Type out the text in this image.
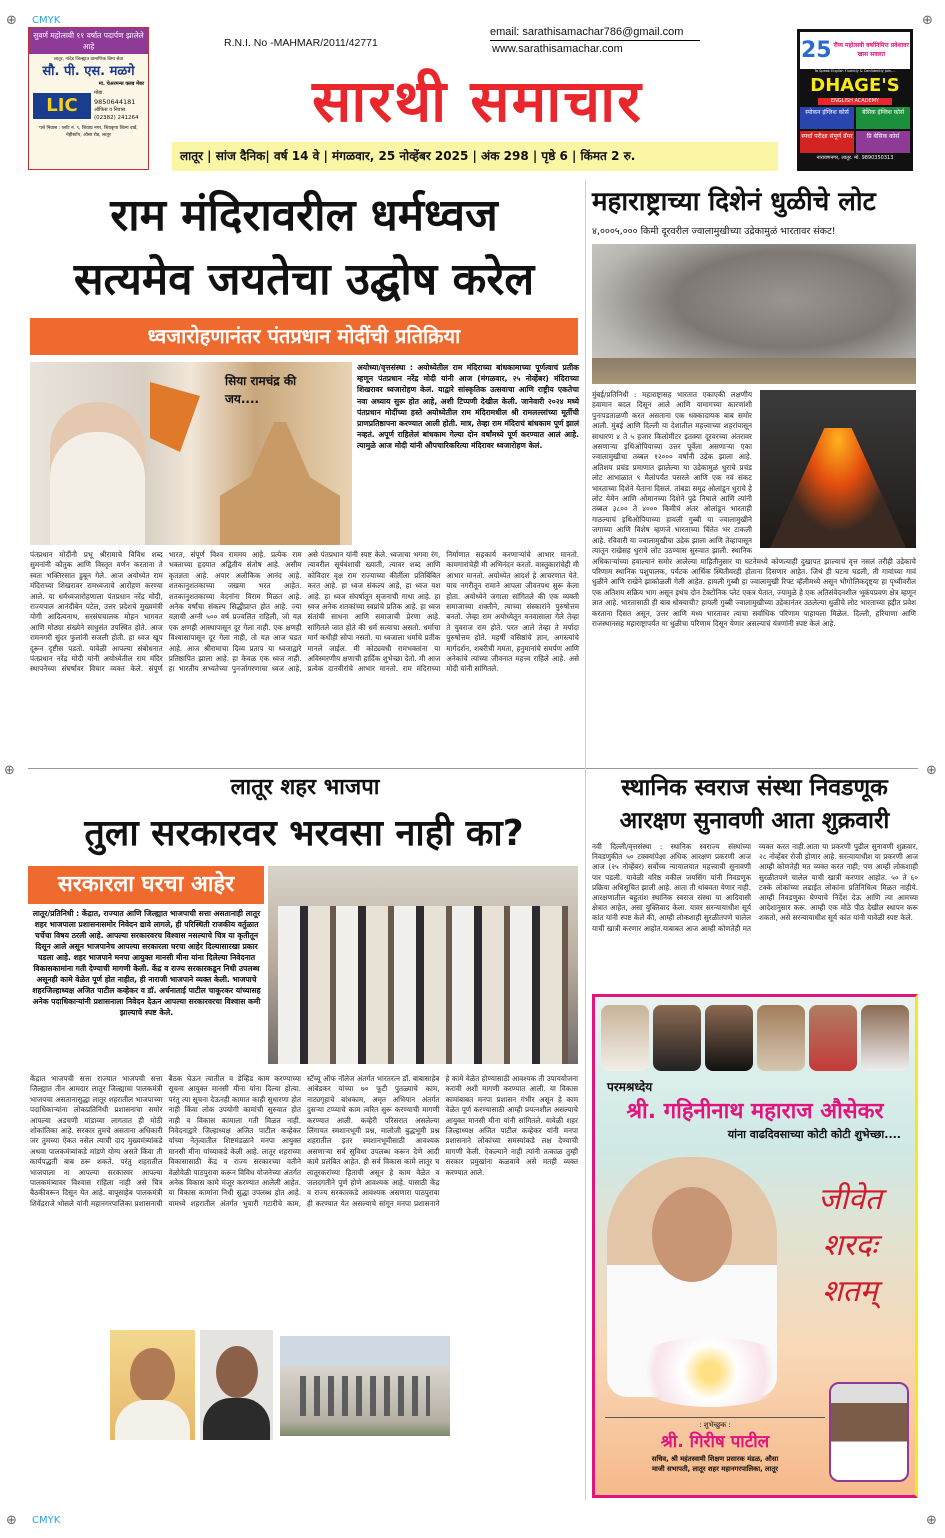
⊕ CMYK	⊕
⊕	⊕
⊕ CMYK	⊕
सुवर्ण महोत्सवी ११ वर्षात पदार्पण झालेले आहे
लातूर, नांदेड जिल्ह्यात प्रामाणिक विमा सेवा
सौ. पी. एस. मळगे
मा. चेअरमन्स क्लब मेंबर
LIC
मोबा.
9850644181
ऑफिस व निवास
(02382) 241264
पत्ते निवास : प्लॉट नं. ९, शिवाप्र नगर, शिवकृपा शिल्प वार्ड, नेहीस्टॉप, औसा रोड, लातूर
R.N.I. No -MAHMAR/2011/42771
email: sarathisamachar786@gmail.com
www.sarathisamachar.com
सारथी समाचार
लातूर | सांज दैनिक| वर्ष 14 वे | मंगळवार, 25 नोव्हेंबर 2025 | अंक 298 | पृष्ठे 6 | किंमत 2 रु.
25 रौप्य महोत्सवी वर्षानिमित्त प्रवेशावर खास सवलत
To Speak English Fluently & Confidently Join....
DHAGE'S
ENGLISH ACADEMY
स्पोकन इंग्लिश कोर्स	बेसिक इंग्लिश कोर्स
स्पर्धा परीक्षा संपूर्ण ग्रॅमर	प्रि बेसिक कोर्स
नारायणनगर, लातूर. मो. 9890350313
राम मंदिरावरील धर्मध्वज
सत्यमेव जयतेचा उद्घोष करेल
ध्वजारोहणानंतर पंतप्रधान मोदींची प्रतिक्रिया
सिया रामचंद्र की जय....
अयोध्या/वृत्तसंस्था : अयोध्येतील राम मंदिराच्या बांधकामाच्या पूर्णत्वाचं प्रतीक म्हणून पंतप्रधान नरेंद्र मोदी यांनी आज (मंगळवार, २५ नोव्हेंबर) मंदिराच्या शिखरावर ध्वजारोहण केलं. याद्वारे सांस्कृतिक उत्सवाचा आणि राष्ट्रीय एकतेचा नवा अध्याय सुरू होत आहे, अशी टिप्पणी देखील केली. जानेवारी २०२४ मध्ये पंतप्रधान मोदींच्या हस्ते अयोध्येतील राम मंदिरामधील श्री रामलल्लांच्या मूर्तीची प्राणप्रतिष्ठापना करण्यात आली होती. मात्र, तेव्हा राम मंदिराचं बांधकाम पूर्ण झालं नव्हतं. अपूर्ण राहिलेलं बांधकाम गेल्या दोन वर्षांमध्ये पूर्ण करण्यात आलं आहे. त्यामुळे आज मोदी यांनी औपचारिकरित्या मंदिरावर ध्वजारोहण केलं.
पंतप्रधान मोदींनी प्रभू श्रीरामाचे विविध शब्द सुमनांनी कौतुक आणि विस्तृत वर्णन करताना ते स्वतः भक्तिरसात डुबून गेले. आज अयोध्येत राम मंदिराच्या शिखरावर रामध्वजाचे आरोहण करण्या आले. या धर्मध्वजारोहणाला पंतप्रधान नरेंद्र मोदी, राज्यपाल आनंदीबेन पटेल, उत्तर प्रदेशचे मुख्यमंत्री योगी आदित्यनाथ, सरसंघचालक मोहन भागवत आणि मोठ्या संख्येने साधुसंत उपस्थित होते. आज रामनगरी सुंदर फुलांनी सजली होती. हा ध्वज खूप दूरून दृष्टीस पडतो. यावेळी आपल्या संबोधनात पंतप्रधान नरेंद्र मोदी यांनी अयोध्येतील राम मंदिर स्थापनेच्या संघर्षावर विचार व्यक्त केले. संपूर्ण भारत, संपूर्ण विश्व राममय आहे. प्रत्येक राम भक्ताच्या हृदयात अद्वितीय संतोष आहे. असीम कृतज्ञता आहे. अपार अलौकिक आनंद आहे. शतकानुशतकाच्या जखमा भरत आहेत. शतकानुशतकाच्या वेदनांना विराम मिळत आहे. अनेक वर्षांचा संकल्प सिद्धीप्राप्त होत आहे. ज्या यज्ञाची अग्नी ५०० वर्ष प्रज्वलित राहिली, जो यज्ञ एक क्षणही आस्थापासून दूर गेला नाही. एक क्षणही विश्वासापासून दूर गेला नाही, तो यज्ञ आज घडत आहे. आज श्रीरामाचा दिव्य प्रताप या ध्वजाद्वारे प्रतिष्ठापित झाला आहे. हा केवळ एक ध्वज नाही. हा भारतीय सभ्यतेच्या पुनर्जागरणाचा ध्वज आहे, असे पंतप्रधान यांनी स्पष्ट केले. ध्वजाचा भगवा रंग, त्यावरील सूर्यवंशाची ख्याती, त्यावर शब्द आणि कोविदार वृक्ष राम राज्याच्या कीर्तीला प्रतिबिंबित करत आहे. हा ध्वज संकल्प आहे, हा ध्वज यश आहे. हा ध्वज संघर्षातून सृजनाची गाथा आहे. हा ध्वज अनेक शतकांच्या स्वप्नांचे प्रतिक आहे. हा ध्वज संतांची साधना आणि समाजाची प्रेरणा आहे. सांगितले जात होते की धर्म सत्याचा असतो. धर्माचा मार्ग कधीही सोपा नसतो. या ध्वजाला धर्माचे प्रतीक मानले जाईल. मी कोट्यवधी रामभक्तांना या अविस्मरणीय क्षणाची हार्दिक शुभेच्छा देतो. मी आज प्रत्येक दानवीरांचे आभार मानतो. राम मंदिराच्या निर्माणात सहकार्य करणाऱ्यांचे आभार मानतो. कामगारांचेही मी अभिनंदन करतो. वास्तुकारांचेही मी आभार मानतो. अयोध्येत आदर्श हे आचरणात येते. याच नगरीतून रामाने आपला जीवनपथ सुरू केला होता. अयोध्येने जगाला सांगितले की एक व्यक्ती समाजाच्या शक्तीने, त्याच्या संस्कारांने पुरुषोत्तम बनतो. जेव्हा राम अयोध्येतून वनवासाला गेले तेव्हा ते युवराज राम होते. परत आले तेव्हा ते मर्यादा पुरुषोत्तम होते. महर्षी वसिष्ठांचे ज्ञान, अगस्त्यांचे मार्गदर्शन, शबरीची ममता, हनुमानांचे समर्पण आणि अनेकांचे त्यांच्या जीवनात महत्त्व राहिले आहे. असे मोदी यांनी सांगितले.
महाराष्ट्राच्या दिशेनं धुळीचे लोट
४,०००५,००० किमी दूरवरील ज्वालामुखीच्या उद्रेकामुळं भारतावर संकट!
मुंबई/प्रतिनिधी : महाराष्ट्रासह भारतात एकाएकी लक्षणीय हवामान बदल दिसून आले आणि यामागच्या कारणांशी पुनःपडताळणी करत असताना एक धक्कादायक बाब समोर आली. मुंबई आणि दिल्ली या देशातील महत्त्वाच्या शहरांपासून साधारण ४ ते ५ हजार किलोमीटर इतक्या दूरवरच्या अंतरावर असणाऱ्या इथिओपियाच्या उत्तर पूर्वेला असणाऱ्या एका ज्वालामुखीचा तब्बल १२००० वर्षांनी उद्रेक झाला आहे. अतिशय प्रचंड प्रमाणात झालेल्या या उद्रेकामुळं धुराचे प्रचंड लोट आभाळात ९ मैलांपर्यंत पसरले आणि एक नवं संकट भारताच्या दिशेने येताना दिसलं. तांबडा समुद्र ओलांडून धुराचे हे लोट येमेन आणि ओमानच्या दिशेने पुढे निघाले आणि त्यांनी तब्बल ३८०० ते ४००० किमीचं अंतर ओलांडून भारताही गाठल्याचं इथिओपियाच्या हायली गुब्बी या ज्वालामुखीने जगाच्या आणि विशेष म्हणजे भारताच्या चिंतेत भर टाकली आहे. रविवारी या ज्वालामुखीचा उद्रेक झाला आणि तेव्हापासून त्यातून राखेसह धुराचे लोट उठण्यास सुरुवात झाली. स्थानिक अधिकाऱ्यांच्या हवाल्यानं समोर आलेल्या माहितीनुसार या घटनेमध्ये कोणत्याही दुखापत झाल्याचं वृत्त नसलं तरीही उद्रेकाचे परिणाम स्थानिक पशुपालक, पर्यटक आर्थिक स्थितीवरही होताना दिसणार आहेत. जिथं ही घटना घडली, ती गावांच्या गावं धुळीने आणि राखेने झाकोळली गेली आहेत. हायली गुब्बी हा ज्वालामुखी रिफ्ट व्हॅलीमध्ये असून भौगोलिकदृष्ट्या हा पृथ्वीवरील एक अतिशय सक्रिय भाग असून इथंच दोन टेक्टोनिक प्लेट एकत्र येतात, ज्यामुळे हे एक अतिसंवेदनशील भूकंपप्रवण क्षेत्र म्हणून ज्ञात आहे. भारतासाठी ही बाब धोक्याची? हायली गुब्बी ज्वालामुखीच्या उद्रेकानंतर उठलेल्या धुळीचे लोट भारताच्या हद्दीत प्रवेश करताना दिसत असून, उत्तर आणि मध्य भारतावर त्याचा सर्वाधिक परिणाम पाहायला मिळेल. दिल्ली, हरियाणा आणि राजस्थानसह महाराष्ट्रापर्यंत या धुळीचा परिणाम दिसून येणार असल्याचं यंत्रणांनी स्पष्ट केलं आहे.
लातूर शहर भाजपा
तुला सरकारवर भरवसा नाही का?
सरकारला घरचा आहेर
लातूर/प्रतिनिधी : केंद्रात, राज्यात आणि जिल्ह्यात भाजपाची सत्ता असतानाही लातूर शहर भाजपाला प्रशासनासमोर निवेदन द्यावे लागले, ही परिस्थिती राजकीय वर्तुळात चर्चेचा विषय ठरली आहे. आपल्या सरकारवरच विश्वास नसल्याचे चित्र या कृतीतून दिसून आले असून भाजपानेच आपल्या सरकारला घरचा आहेर दिल्यासारखा प्रकार घडला आहे. शहर भाजपाने मनपा आयुक्त मानसी मीना यांना दिलेल्या निवेदनात विकासकामांना गती देण्याची मागणी केली. केंद्र व राज्य सरकारकडून निधी उपलब्ध असूनही कामे वेळेत पूर्ण होत नाहीत, ही नाराजी भाजपाने व्यक्त केली. भाजपाचे शहरजिल्हाध्यक्ष अजित पाटील कव्हेकर व डॉ. अर्चनाताई पाटील चाकूरकर यांच्यासह अनेक पदाधिकाऱ्यांनी प्रशासनाला निवेदन देऊन आपल्या सरकारवरचा विश्वास कमी झाल्याचे स्पष्ट केले.
केंद्रात भाजपची सत्ता राज्यात भाजपची सत्ता जिल्ह्यात तीन आमदार लातूर जिल्ह्याचा पालकमंत्री भाजपचा असतानासुद्धा लातूर शहरातील भाजपाच्या पदाधिकाऱ्यांना लोकप्रतिनिधी प्रशासनाचा समोर आपल्या अडचणी मांडाव्या लागतात ही मोठी शोकांतिका आहे. सरकार तुमचे असताना अधिकारी जर तुमच्या ऐकत नसेल त्याची दाद मुख्यमंत्र्यांकडे अथवा पालकमंत्र्यांकडे मांडणे योग्य असते किंवा ती कार्यपद्धती बाब ठरू शकते. परंतु शहरातील भाजपाला ना आपल्या सरकारवर आपल्या पालकमंत्र्यावर विश्वास राहिला नाही असे चित्र बैठकीवरून दिसून येत आहे. बापूसाहेब पालकमंत्री शिवेंद्रराजे भोसले यांनी महानगरपालिका प्रशासनाची बैठक घेऊन त्यातील व डेव्हिड काम करण्याच्या सूचना आयुक्त मानसी मीना यांना दिल्या होत्या. परंतु त्या सूचना देऊनही कामात काही सुधारणा होत नाही किंवा लोक उपयोगी कामांची सुरुवात होत नाही व विकास कामाला गती मिळत नाही. निवेदनाद्वारे जिल्हाध्यक्ष अजित पाटील कव्हेकर यांच्या नेतृत्वातील शिष्टमंडळाने मनपा आयुक्त मानसी मीना यांच्याकडे केली आहे. लातूर शहराच्या विकासासाठी केंद्र व राज्य सरकारच्या वतीने वेळोवेळी पाठपुरावा करून विविध योजनेच्या अंतर्गत अनेक विकास कामे मंजूर करण्यात आलेली आहेत. या विकास कामांना निधी सुद्धा उपलब्ध होत आहे. यामध्ये शहरातील अंतर्गत भुयारी गटारीचे काम, स्टॅच्यू ऑफ नॉलेज अंतर्गत भारतरत्न डॉ. बाबासाहेब आंबेडकर यांच्या ७० फूटी पुतळ्याचे काम, नाट्यगृहाचे बांधकाम, अमृत अभियान अंतर्गत दुसऱ्या टप्प्याचे काम त्वरित सुरू करण्याची मागणी करण्यात आली. कव्हेरी परिसरात असलेल्या लिंगायत स्मशानभूमी प्रश्न, मालोजी बुद्धभूमी प्रश्न शहरातील इतर स्मशानभूमीसाठी आवश्यक असणाऱ्या सर्व सुविधा उपलब्ध करून देणे आदी कामे प्रलंबित आहेत. ही सर्व विकास कामे लातूर च लातूरकरांच्या हिताची असून हे काम वेळेत व जलदगतीने पूर्ण होणे आवश्यक आहे. यासाठी केंद्र व राज्य सरकारकडे आवश्यक असणारा पाठपुरावा ही करण्यात येत असल्याचे सांगून मनपा प्रशासनाने हे कामे वेळेत होण्यासाठी आवश्यक ती उपाययोजना करावी अशी मागणी करण्यात आली. या विकास कामांबाबत मनपा प्रशासन गंभीर असून हे काम वेळेत पूर्ण करण्यासाठी आम्ही प्रयत्नशील असल्याचे आयुक्त मानसी मीना यांनी सांगितले. यावेळी शहर जिल्हाध्यक्ष अजित पाटील कव्हेकर यांनी मनपा प्रशासनाने लोकांच्या समस्यांकडे लक्ष देण्याची मागणी केली. ऐकल्याने नाही त्यांनी तत्काळ तुम्ही सरकार प्रमुखांना कळवावे असे मतही व्यक्त करण्यात आले.
स्थानिक स्वराज संस्था निवडणूक
आरक्षण सुनावणी आता शुक्रवारी
नवी दिल्ली/वृत्तसंस्था : स्थानिक स्वराज्य संस्थांच्या निवडणुकीत ५० टक्क्यांपेक्षा अधिक आरक्षण प्रकरणी आज आज (२५ नोव्हेंबर) सर्वोच्च न्यायालयात महत्त्वाची सुनावणी पार पडली. यावेळी वरिष्ठ वकील जयसिंग यांनी निवडणूक प्रक्रिया अधिसूचित झाली आहे. आता ती थांबवता येणार नाही. आरक्षणातील बहुतांश स्थानिक स्वराज संस्था या आदिवासी क्षेत्रात आहेत, असा युक्तिवाद केला. यावर सरन्यायाधीश सूर्य कांत यांनी स्पष्ट केले की, आम्ही लोकशाही सुरळीतपणे चालेल याची खात्री करणार आहोत.याबाबत आज आम्ही कोणतेही मत व्यक्त करत नाही.आता या प्रकरणी पुढील सुनावणी शुक्रवार, २८ नोव्हेंबर रोजी होणार आहे. सरन्यायाधीश या प्रकरणी आज आम्ही कोणतेही मत व्यक्त करत नाही; पण आम्ही लोकशाही सुरळीतपणे चालेल याची खात्री करणार आहोत. ५० ते ६० टक्के लोकांच्या लढाईत लोकांना प्रतिनिधित्व मिळत नाहीये. आम्ही निवडणुका घेण्याचे निर्देश देऊ आणि त्या आमच्या आदेशानुसार करू. आम्ही एक मोठे पीठ देखील स्थापन करू शकतो, असे सरन्यायाधीश सूर्य कांत यांनी यावेळी स्पष्ट केले.
परमश्रध्देय
श्री. गहिनीनाथ महाराज औसेकर
यांना वाढदिवसाच्या कोटी कोटी शुभेच्छा....
जीवेत शरदः शतम्
: शुभेच्छुक :
श्री. गिरीष पाटील
सचिव, श्री महंतस्वामी शिक्षण प्रसारक मंडळ, औसा
माजी सभापती, लातूर शहर महानगरपालिका, लातूर
